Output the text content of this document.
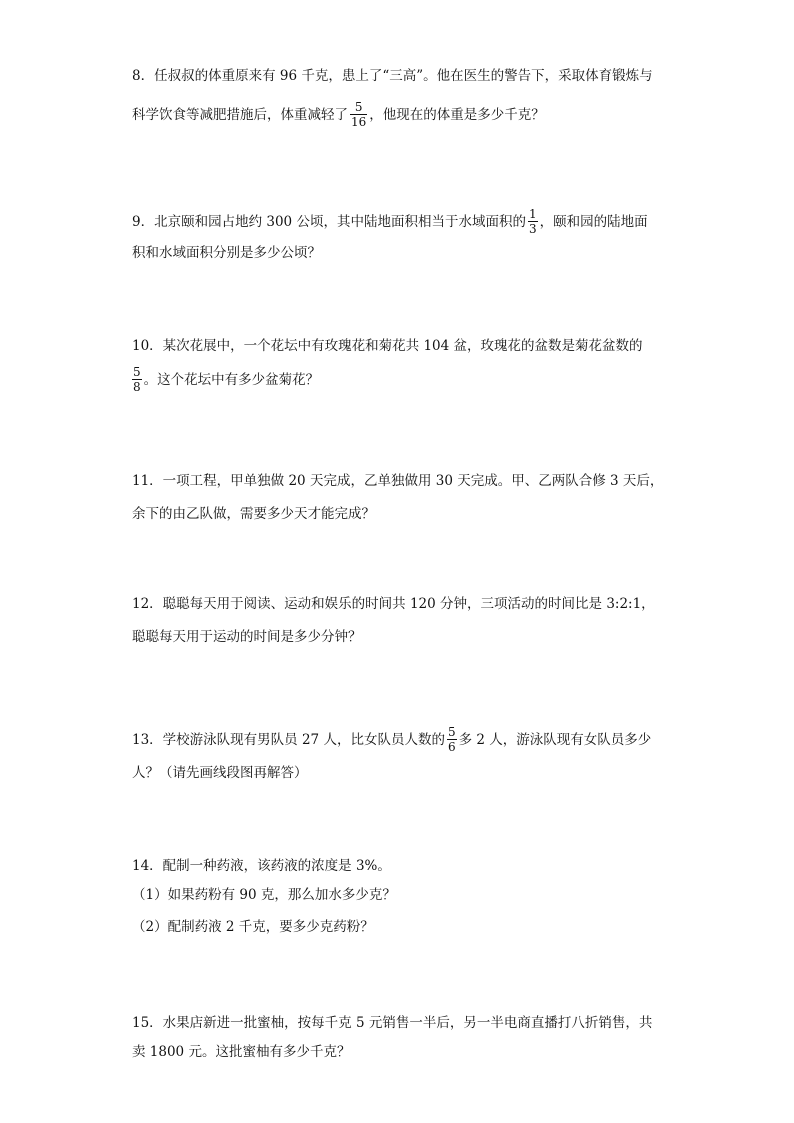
8．任叔叔的体重原来有 96 千克，患上了“三高”。他在医生的警告下，采取体育锻炼与
科学饮食等减肥措施后，体重减轻了 $\frac{5}{16}$ ，他现在的体重是多少千克？
9．北京颐和园占地约 300 公顷，其中陆地面积相当于水域面积的 $\frac{1}{3}$ ，颐和园的陆地面
积和水域面积分别是多少公顷？
10．某次花展中，一个花坛中有玫瑰花和菊花共 104 盆，玫瑰花的盆数是菊花盆数的
$\frac{5}{8}$ 。这个花坛中有多少盆菊花？
11．一项工程，甲单独做 20 天完成，乙单独做用 30 天完成。甲、乙两队合修 3 天后，
余下的由乙队做，需要多少天才能完成？
12．聪聪每天用于阅读、运动和娱乐的时间共 120 分钟，三项活动的时间比是 3:2:1，
聪聪每天用于运动的时间是多少分钟？
13．学校游泳队现有男队员 27 人，比女队员人数的 $\frac{5}{6}$ 多 2 人，游泳队现有女队员多少
人？（请先画线段图再解答）
14．配制一种药液，该药液的浓度是 3%。
（1）如果药粉有 90 克，那么加水多少克？
（2）配制药液 2 千克，要多少克药粉？
15．水果店新进一批蜜柚，按每千克 5 元销售一半后，另一半电商直播打八折销售，共
卖 1800 元。这批蜜柚有多少千克？
